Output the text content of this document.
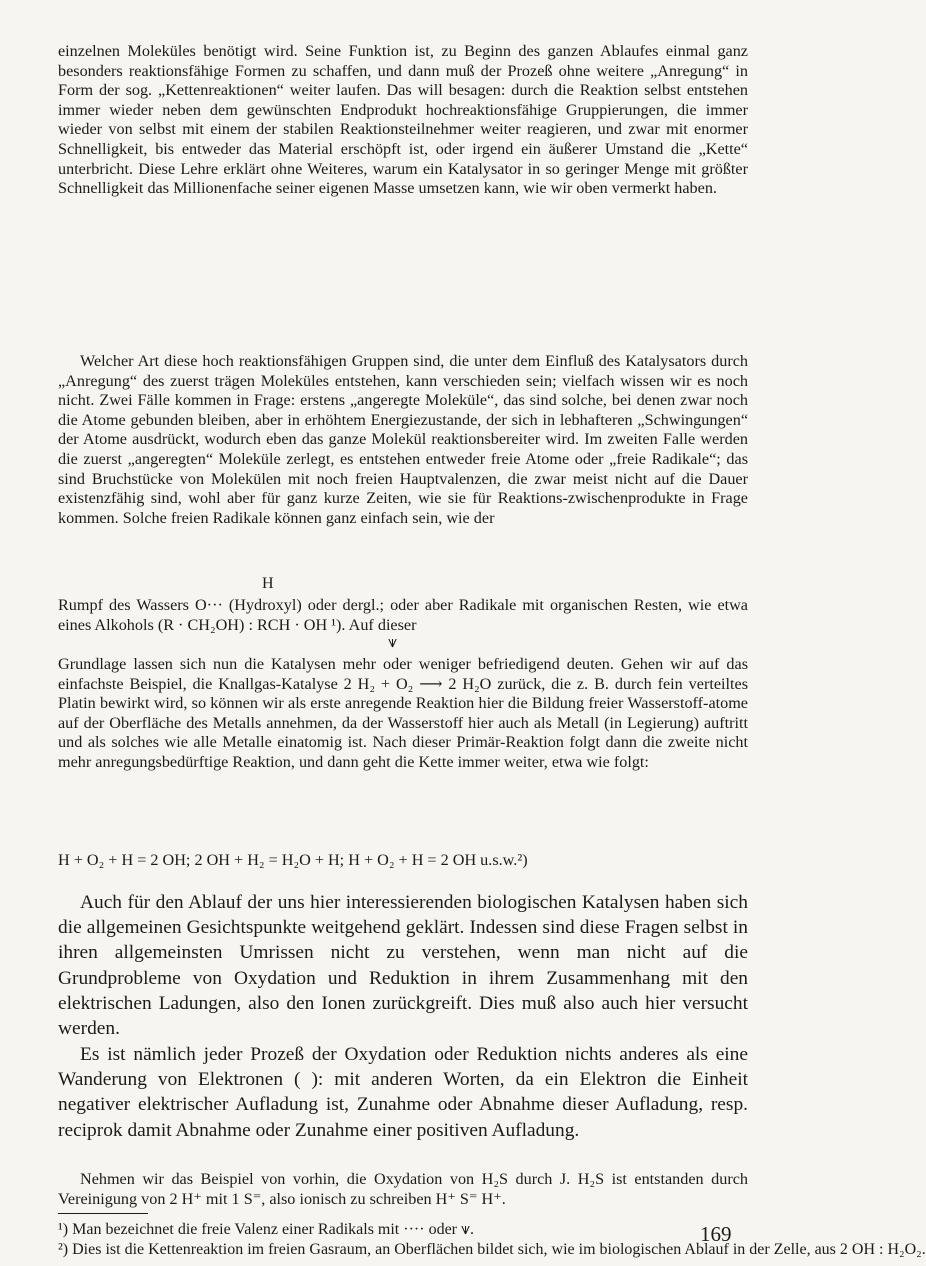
einzelnen Moleküles benötigt wird. Seine Funktion ist, zu Beginn des ganzen Ablaufes einmal ganz besonders reaktionsfähige Formen zu schaffen, und dann muß der Prozeß ohne weitere „Anregung“ in Form der sog. „Kettenreaktionen“ weiter laufen. Das will besagen: durch die Reaktion selbst entstehen immer wieder neben dem gewünschten Endprodukt hochreaktionsfähige Gruppierungen, die immer wieder von selbst mit einem der stabilen Reaktionsteilnehmer weiter reagieren, und zwar mit enormer Schnelligkeit, bis entweder das Material erschöpft ist, oder irgend ein äußerer Umstand die „Kette“ unterbricht. Diese Lehre erklärt ohne Weiteres, warum ein Katalysator in so geringer Menge mit größter Schnelligkeit das Millionenfache seiner eigenen Masse umsetzen kann, wie wir oben vermerkt haben.

Welcher Art diese hoch reaktionsfähigen Gruppen sind, die unter dem Einfluß des Katalysators durch „Anregung“ des zuerst trägen Moleküles entstehen, kann verschieden sein; vielfach wissen wir es noch nicht. Zwei Fälle kommen in Frage: erstens „angeregte Moleküle“, das sind solche, bei denen zwar noch die Atome gebunden bleiben, aber in erhöhtem Energiezustande, der sich in lebhafteren „Schwingungen“ der Atome ausdrückt, wodurch eben das ganze Molekül reaktionsbereiter wird. Im zweiten Falle werden die zuerst „angeregten“ Moleküle zerlegt, es entstehen entweder freie Atome oder „freie Radikale“; das sind Bruchstücke von Molekülen mit noch freien Hauptvalenzen, die zwar meist nicht auf die Dauer existenzfähig sind, wohl aber für ganz kurze Zeiten, wie sie für Reaktions-zwischenprodukte in Frage kommen. Solche freien Radikale können ganz einfach sein, wie der

H

Rumpf des Wassers O··· (Hydroxyl) oder dergl.; oder aber Radikale mit organischen Resten, wie etwa eines Alkohols (R · CH₂OH) : RCH · OH ¹). Auf dieser

⩛

Grundlage lassen sich nun die Katalysen mehr oder weniger befriedigend deuten. Gehen wir auf das einfachste Beispiel, die Knallgas-Katalyse 2 H₂ + O₂ ⟶ 2 H₂O zurück, die z. B. durch fein verteiltes Platin bewirkt wird, so können wir als erste anregende Reaktion hier die Bildung freier Wasserstoff-atome auf der Oberfläche des Metalls annehmen, da der Wasserstoff hier auch als Metall (in Legierung) auftritt und als solches wie alle Metalle einatomig ist. Nach dieser Primär-Reaktion folgt dann die zweite nicht mehr anregungsbedürftige Reaktion, und dann geht die Kette immer weiter, etwa wie folgt:

H + O₂ + H = 2 OH; 2 OH + H₂ = H₂O + H; H + O₂ + H = 2 OH u.s.w.²)

Auch für den Ablauf der uns hier interessierenden biologischen Katalysen haben sich die allgemeinen Gesichtspunkte weitgehend geklärt. Indessen sind diese Fragen selbst in ihren allgemeinsten Umrissen nicht zu verstehen, wenn man nicht auf die Grundprobleme von Oxydation und Reduktion in ihrem Zusammenhang mit den elektrischen Ladungen, also den Ionen zurückgreift. Dies muß also auch hier versucht werden.

Es ist nämlich jeder Prozeß der Oxydation oder Reduktion nichts anderes als eine Wanderung von Elektronen ( ): mit anderen Worten, da ein Elektron die Einheit negativer elektrischer Aufladung ist, Zunahme oder Abnahme dieser Aufladung, resp. reciprok damit Abnahme oder Zunahme einer positiven Aufladung.

Nehmen wir das Beispiel von vorhin, die Oxydation von H₂S durch J. H₂S ist entstanden durch Vereinigung von 2 H⁺ mit 1 S⁼, also ionisch zu schreiben H⁺ S⁼ H⁺.

¹) Man bezeichnet die freie Valenz einer Radikals mit ···· oder ⩛.

²) Dies ist die Kettenreaktion im freien Gasraum, an Oberflächen bildet sich, wie im biologischen Ablauf in der Zelle, aus 2 OH : H₂O₂.

169
